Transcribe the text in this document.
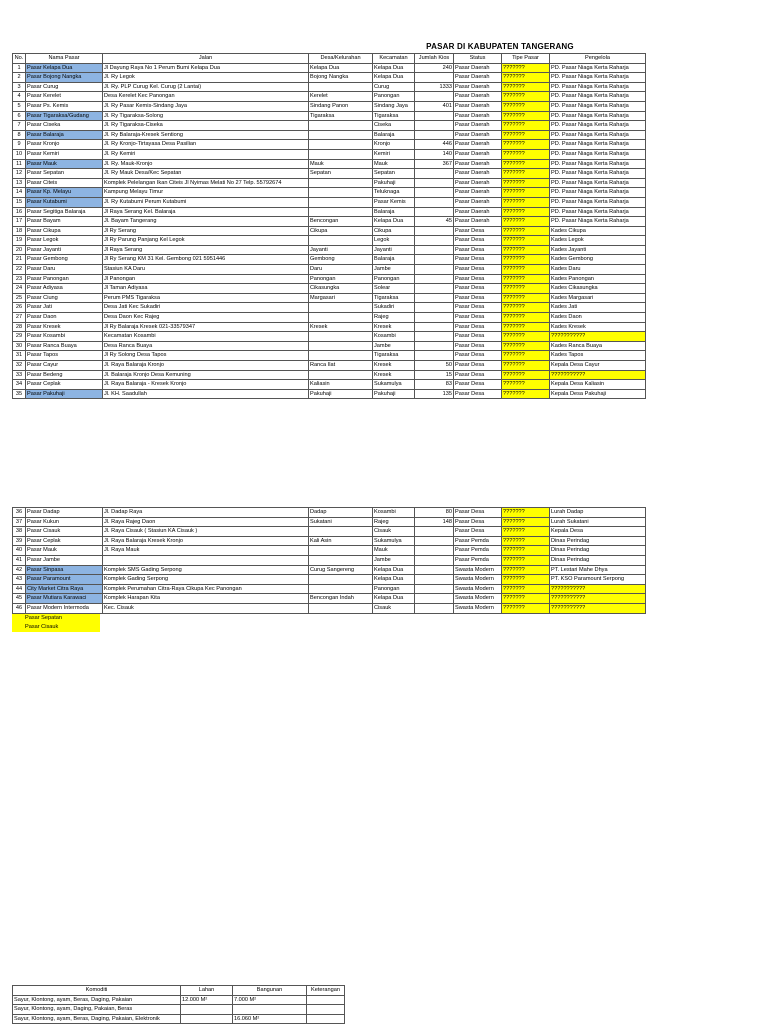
PASAR DI KABUPATEN TANGERANG
No.	Nama Pasar	Jalan	Desa/Kelurahan	Kecamatan	Jumlah Kios	Status	Tipe Pasar	Pengelola
1	Pasar Kelapa Dua	Jl Dayung Raya No 1 Perum Bumi Kelapa Dua	Kelapa Dua	Kelapa Dua	240	Pasar Daerah	???????	PD. Pasar Niaga Kerta Raharja
2	Pasar Bojong Nangka	Jl. Ry Legok	Bojong Nangka	Kelapa Dua		Pasar Daerah	???????	PD. Pasar Niaga Kerta Raharja
3	Pasar Curug	Jl. Ry. PLP Curug Kel. Curug (2 Lantai)		Curug	1333	Pasar Daerah	???????	PD. Pasar Niaga Kerta Raharja
4	Pasar Kerelet	Desa Kerelet Kec Panongan	Kerelet	Panongan		Pasar Daerah	???????	PD. Pasar Niaga Kerta Raharja
5	Pasar Ps. Kemis	Jl. Ry Pasar Kemis-Sindang Jaya	Sindang Panon	Sindang Jaya	401	Pasar Daerah	???????	PD. Pasar Niaga Kerta Raharja
6	Pasar Tigaraksa/Gudang	Jl. Ry Tigaraksa-Solong	Tigaraksa	Tigaraksa		Pasar Daerah	???????	PD. Pasar Niaga Kerta Raharja
7	Pasar Ciseka	Jl. Ry Tigaraksa-Ciseka		Ciseka		Pasar Daerah	???????	PD. Pasar Niaga Kerta Raharja
8	Pasar Balaraja	Jl. Ry Balaraja-Kresek Sentiong		Balaraja		Pasar Daerah	???????	PD. Pasar Niaga Kerta Raharja
9	Pasar Kronjo	Jl. Ry Kronjo-Tirtayasa Desa Pasilian		Kronjo	446	Pasar Daerah	???????	PD. Pasar Niaga Kerta Raharja
10	Pasar Kemiri	Jl. Ry Kemiri		Kemiri	140	Pasar Daerah	???????	PD. Pasar Niaga Kerta Raharja
11	Pasar Mauk	Jl. Ry. Mauk-Kronjo	Mauk	Mauk	367	Pasar Daerah	???????	PD. Pasar Niaga Kerta Raharja
12	Pasar Sepatan	Jl. Ry Mauk Desa/Kec Sepatan	Sepatan	Sepatan		Pasar Daerah	???????	PD. Pasar Niaga Kerta Raharja
13	Pasar Citeis	Komplek Pelelangan Ikan Citeis Jl Nyimas Melati No 27 Telp. 55792674		Pakuhaji		Pasar Daerah	???????	PD. Pasar Niaga Kerta Raharja
14	Pasar Kp. Melayu	Kampung Melayu Timur		Teluknaga		Pasar Daerah	???????	PD. Pasar Niaga Kerta Raharja
15	Pasar Kutabumi	Jl. Ry Kutabumi Perum Kutabumi		Pasar Kemis		Pasar Daerah	???????	PD. Pasar Niaga Kerta Raharja
16	Pasar Segitiga Balaraja	Jl Raya Serang Kel. Balaraja		Balaraja		Pasar Daerah	???????	PD. Pasar Niaga Kerta Raharja
17	Pasar Bayam	Jl. Bayam Tangerang	Bencongan	Kelapa Dua	45	Pasar Daerah	???????	PD. Pasar Niaga Kerta Raharja
18	Pasar Cikupa	Jl Ry Serang	Cikupa	Cikupa		Pasar Desa	???????	Kades Cikupa
19	Pasar Legok	Jl Ry Parung Panjang Kel Legok		Legok		Pasar Desa	???????	Kades Legok
20	Pasar Jayanti	Jl Raya Serang	Jayanti	Jayanti		Pasar Desa	???????	Kades Jayanti
21	Pasar Gembong	Jl Ry Serang KM 31 Kel. Gembong 021 5951446	Gembong	Balaraja		Pasar Desa	???????	Kades Gembong
22	Pasar Daru	Stasiun KA Daru	Daru	Jambe		Pasar Desa	???????	Kades Daru
23	Pasar Panongan	Jl Panongan	Panongan	Panongan		Pasar Desa	???????	Kades Panongan
24	Pasar Adiyasa	Jl Taman Adiyasa	Cikasungka	Solear		Pasar Desa	???????	Kades Cikasungka
25	Pasar Ciung	Perum PMS Tigaraksa	Margasari	Tigaraksa		Pasar Desa	???????	Kades Margasari
26	Pasar Jati	Desa Jati Kec Sukadiri		Sukadiri		Pasar Desa	???????	Kades Jati
27	Pasar Daon	Desa Daon Kec Rajeg		Rajeg		Pasar Desa	???????	Kades Daon
28	Pasar Kresek	Jl Ry Balaraja Kresek 021-33579347	Kresek	Kresek		Pasar Desa	???????	Kades Kresek
29	Pasar Kosambi	Kecamatan Kosambi		Kosambi		Pasar Desa	???????	???????????
30	Pasar Ranca Buaya	Desa Ranca Buaya		Jambe		Pasar Desa	???????	Kades Ranca Buaya
31	Pasar Tapos	Jl Ry Solong Desa Tapos		Tigaraksa		Pasar Desa	???????	Kades Tapos
32	Pasar Cayur	Jl. Raya Balaraja Kronjo	Ranca Ilat	Kresek	50	Pasar Desa	???????	Kepala Desa Cayur
33	Pasar Bedeng	Jl. Balaraja Kronjo Desa Kemuning		Kresek	15	Pasar Desa	???????	???????????
34	Pasar Ceplak	Jl. Raya Balaraja - Kresek Kronjo	Kaliasin	Sukamulya	83	Pasar Desa	???????	Kepala Desa Kaliasin
35	Pasar Pakuhaji	Jl. KH. Saadullah	Pakuhaji	Pakuhaji	135	Pasar Desa	???????	Kepala Desa Pakuhaji
36	Pasar Dadap	Jl. Dadap Raya	Dadap	Kosambi	80	Pasar Desa	???????	Lurah Dadap
37	Pasar Kukun	Jl. Raya Rajeg Daon	Sukatani	Rajeg	148	Pasar Desa	???????	Lurah Sukatani
38	Pasar Cisauk	Jl. Raya Cisauk ( Stasiun KA Cisauk )		Cisauk		Pasar Desa	???????	Kepala Desa
39	Pasar Ceplak	Jl. Raya Balaraja Kresek Kronjo	Kali Asin	Sukamulya		Pasar Pemda	???????	Dinas Perindag
40	Pasar Mauk	Jl. Raya Mauk		Mauk		Pasar Pemda	???????	Dinas Perindag
41	Pasar Jambe			Jambe		Pasar Pemda	???????	Dinas Perindag
42	Pasar Sinpasa	Komplek SMS Gading Serpong	Curug Sangereng	Kelapa Dua		Swasta Modern	???????	PT. Lestari Mahe Dhya
43	Pasar Paramount	Komplek Gading Serpong		Kelapa Dua		Swasta Modern	???????	PT. KSO Paramount Serpong
44	City Market Citra Raya	Komplek Perumahan Citra-Raya Cikupa Kec Panongan		Panongan		Swasta Modern	???????	???????????
45	Pasar Mutiara Karawaci	Komplek Harapan Kita	Bencongan Indah	Kelapa Dua		Swasta Modern	???????	???????????
46	Pasar Modern Intermoda	Kec. Cisauk		Cisauk		Swasta Modern	???????	???????????
Pasar Sepatan
Pasar Cisauk
Komoditi	Lahan	Bangunan	Keterangan
Sayur, Klontong, ayam, Beras, Daging, Pakaian	12.000 M²	7.000 M²	
Sayur, Klontong, ayam, Daging, Pakaian, Beras			
Sayur, Klontong, ayam, Beras, Daging, Pakaian, Elektronik		16.060 M²	
